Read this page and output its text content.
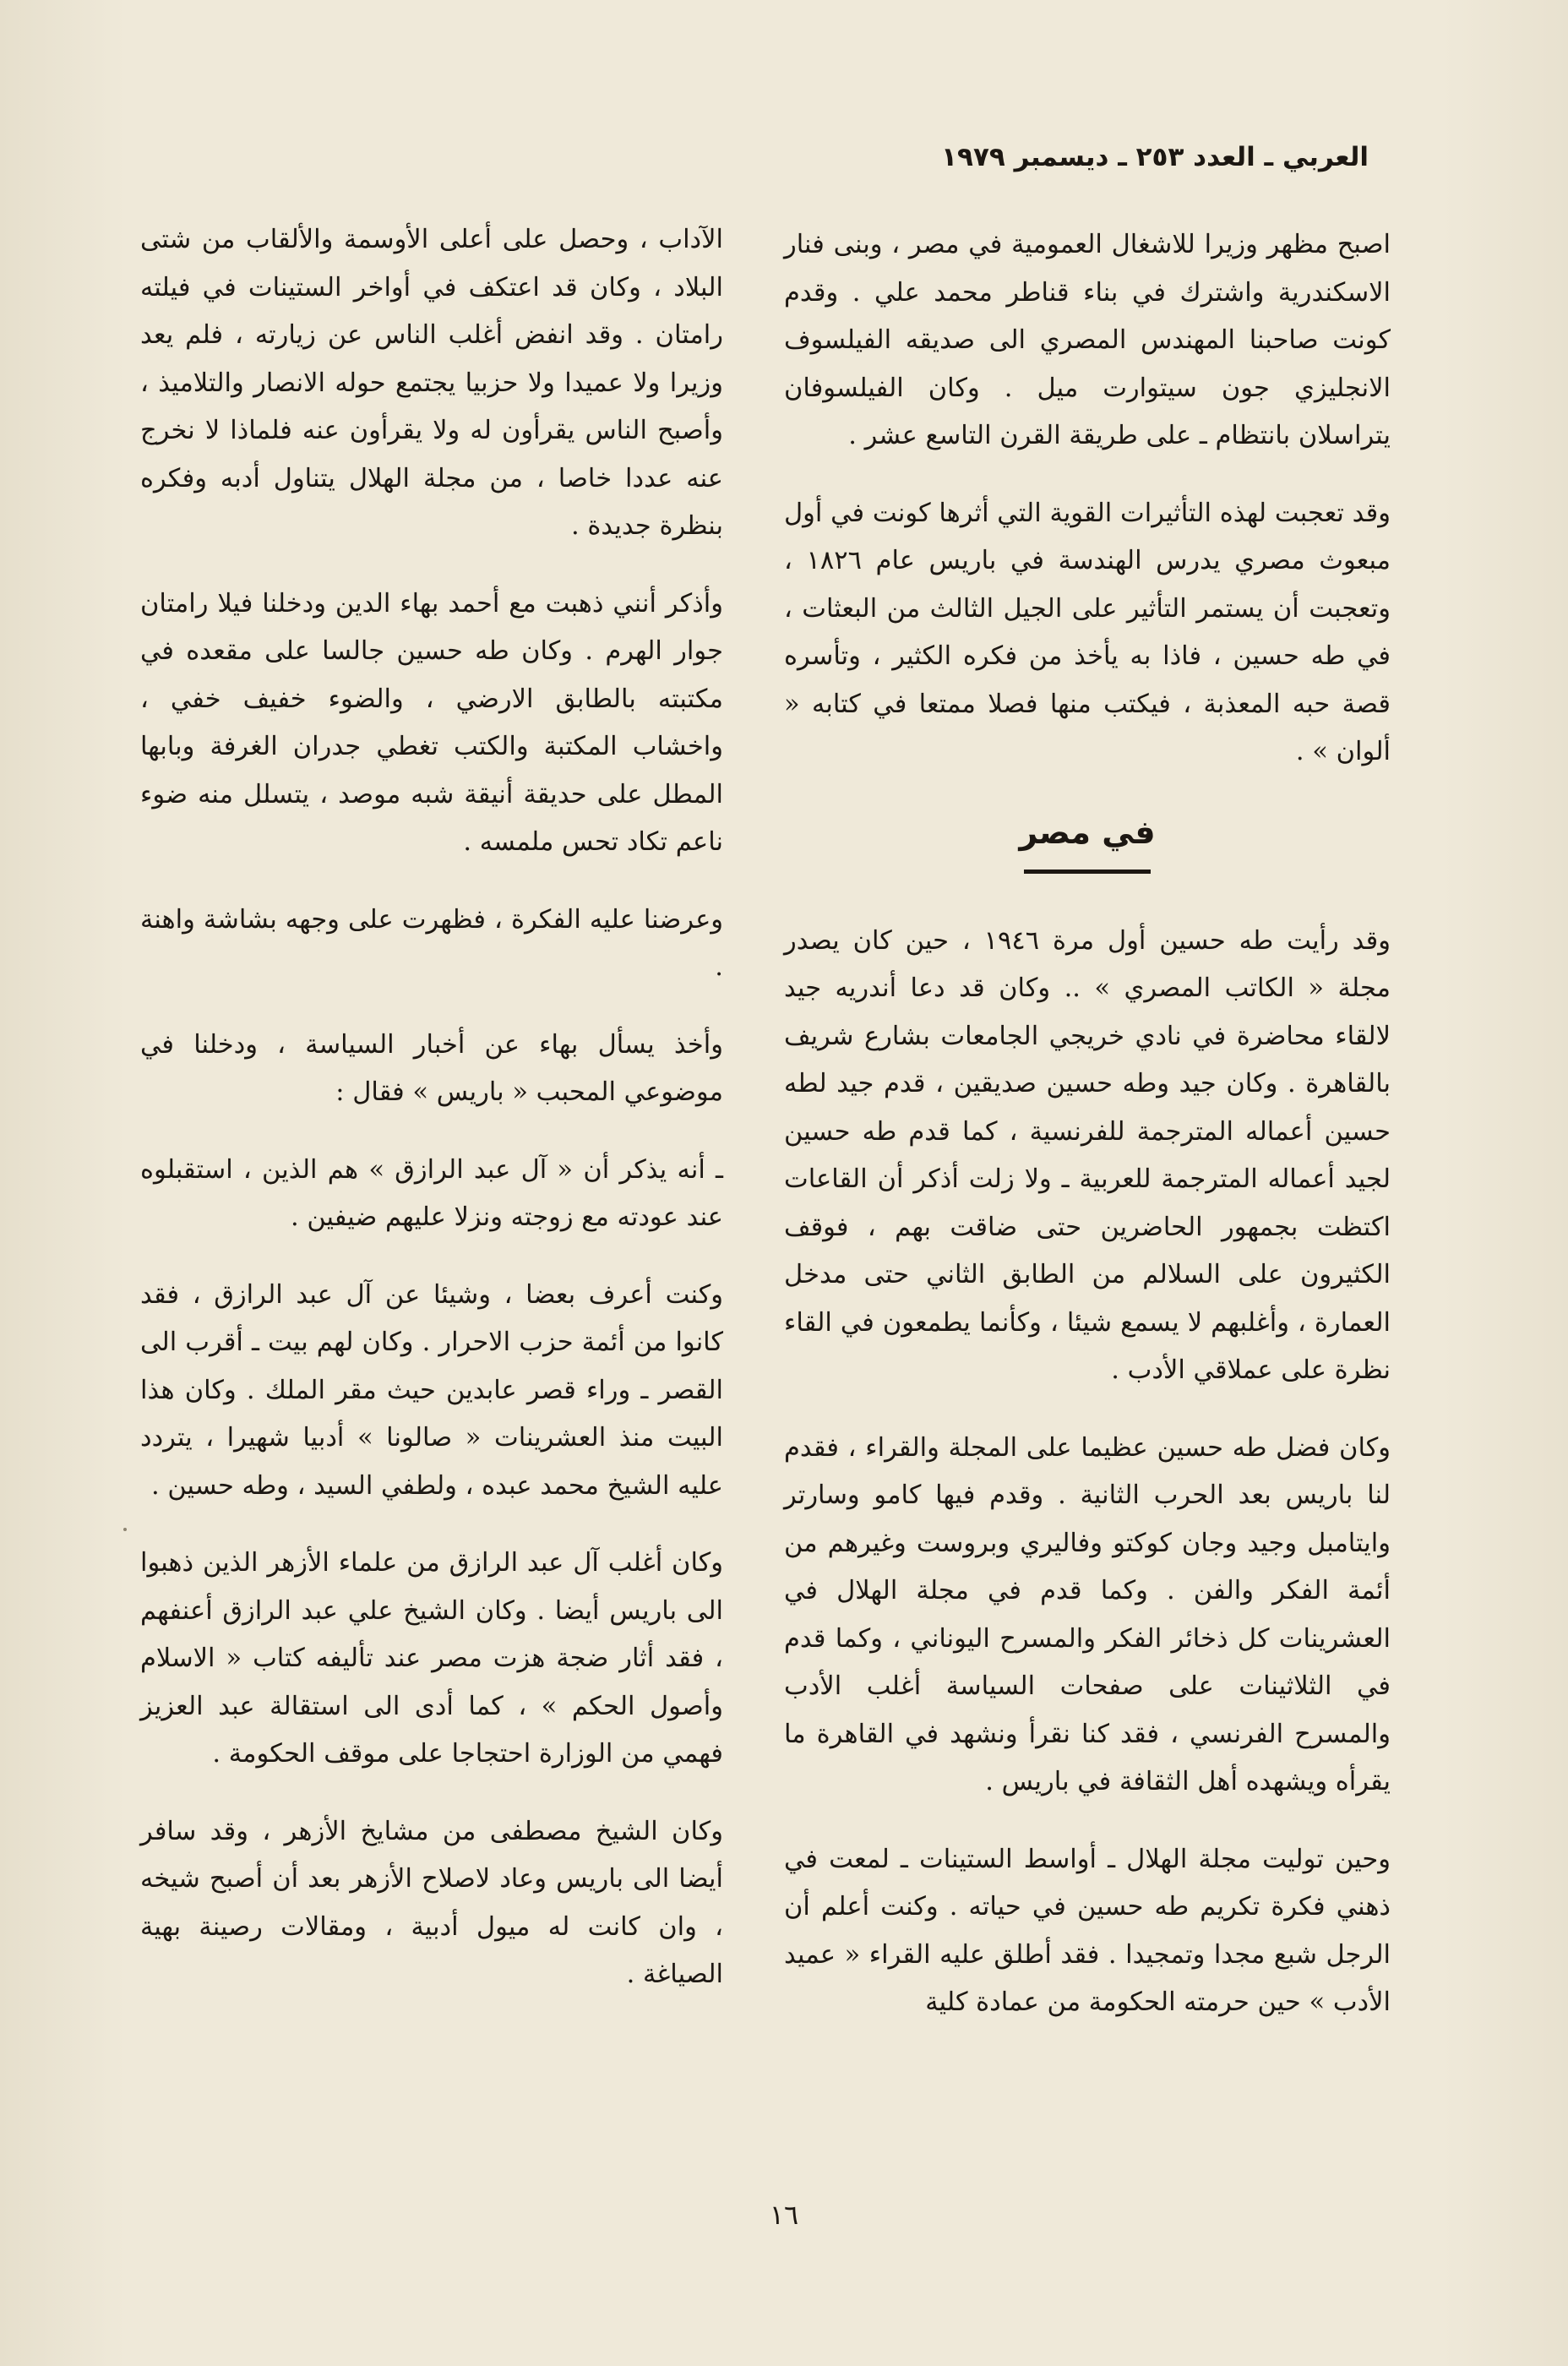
العربي ـ العدد ٢٥٣ ـ ديسمبر ١٩٧٩

اصبح مظهر وزيرا للاشغال العمومية في مصر ، وبنى فنار الاسكندرية واشترك في بناء قناطر محمد علي . وقدم كونت صاحبنا المهندس المصري الى صديقه الفيلسوف الانجليزي جون سيتوارت ميل . وكان الفيلسوفان يتراسلان بانتظام ـ على طريقة القرن التاسع عشر .

وقد تعجبت لهذه التأثيرات القوية التي أثرها كونت في أول مبعوث مصري يدرس الهندسة في باريس عام ١٨٢٦ ، وتعجبت أن يستمر التأثير على الجيل الثالث من البعثات ، في طه حسين ، فاذا به يأخذ من فكره الكثير ، وتأسره قصة حبه المعذبة ، فيكتب منها فصلا ممتعا في كتابه « ألوان » .

في مصر

وقد رأيت طه حسين أول مرة ١٩٤٦ ، حين كان يصدر مجلة « الكاتب المصري » .. وكان قد دعا أندريه جيد لالقاء محاضرة في نادي خريجي الجامعات بشارع شريف بالقاهرة . وكان جيد وطه حسين صديقين ، قدم جيد لطه حسين أعماله المترجمة للفرنسية ، كما قدم طه حسين لجيد أعماله المترجمة للعربية ـ ولا زلت أذكر أن القاعات اكتظت بجمهور الحاضرين حتى ضاقت بهم ، فوقف الكثيرون على السلالم من الطابق الثاني حتى مدخل العمارة ، وأغلبهم لا يسمع شيئا ، وكأنما يطمعون في القاء نظرة على عملاقي الأدب .

وكان فضل طه حسين عظيما على المجلة والقراء ، فقدم لنا باريس بعد الحرب الثانية . وقدم فيها كامو وسارتر وايتامبل وجيد وجان كوكتو وفاليري وبروست وغيرهم من أئمة الفكر والفن . وكما قدم في مجلة الهلال في العشرينات كل ذخائر الفكر والمسرح اليوناني ، وكما قدم في الثلاثينات على صفحات السياسة أغلب الأدب والمسرح الفرنسي ، فقد كنا نقرأ ونشهد في القاهرة ما يقرأه ويشهده أهل الثقافة في باريس .

وحين توليت مجلة الهلال ـ أواسط الستينات ـ لمعت في ذهني فكرة تكريم طه حسين في حياته . وكنت أعلم أن الرجل شبع مجدا وتمجيدا . فقد أطلق عليه القراء « عميد الأدب » حين حرمته الحكومة من عمادة كلية

الآداب ، وحصل على أعلى الأوسمة والألقاب من شتى البلاد ، وكان قد اعتكف في أواخر الستينات في فيلته رامتان . وقد انفض أغلب الناس عن زيارته ، فلم يعد وزيرا ولا عميدا ولا حزبيا يجتمع حوله الانصار والتلاميذ ، وأصبح الناس يقرأون له ولا يقرأون عنه فلماذا لا نخرج عنه عددا خاصا ، من مجلة الهلال يتناول أدبه وفكره بنظرة جديدة .

وأذكر أنني ذهبت مع أحمد بهاء الدين ودخلنا فيلا رامتان جوار الهرم . وكان طه حسين جالسا على مقعده في مكتبته بالطابق الارضي ، والضوء خفيف خفي ، واخشاب المكتبة والكتب تغطي جدران الغرفة وبابها المطل على حديقة أنيقة شبه موصد ، يتسلل منه ضوء ناعم تكاد تحس ملمسه .

وعرضنا عليه الفكرة ، فظهرت على وجهه بشاشة واهنة .

وأخذ يسأل بهاء عن أخبار السياسة ، ودخلنا في موضوعي المحبب « باريس » فقال :

ـ أنه يذكر أن « آل عبد الرازق » هم الذين ، استقبلوه عند عودته مع زوجته ونزلا عليهم ضيفين .

وكنت أعرف بعضا ، وشيئا عن آل عبد الرازق ، فقد كانوا من أئمة حزب الاحرار . وكان لهم بيت ـ أقرب الى القصر ـ وراء قصر عابدين حيث مقر الملك . وكان هذا البيت منذ العشرينات « صالونا » أدبيا شهيرا ، يتردد عليه الشيخ محمد عبده ، ولطفي السيد ، وطه حسين .

وكان أغلب آل عبد الرازق من علماء الأزهر الذين ذهبوا الى باريس أيضا . وكان الشيخ علي عبد الرازق أعنفهم ، فقد أثار ضجة هزت مصر عند تأليفه كتاب « الاسلام وأصول الحكم » ، كما أدى الى استقالة عبد العزيز فهمي من الوزارة احتجاجا على موقف الحكومة .

وكان الشيخ مصطفى من مشايخ الأزهر ، وقد سافر أيضا الى باريس وعاد لاصلاح الأزهر بعد أن أصبح شيخه ، وان كانت له ميول أدبية ، ومقالات رصينة بهية الصياغة .

١٦
